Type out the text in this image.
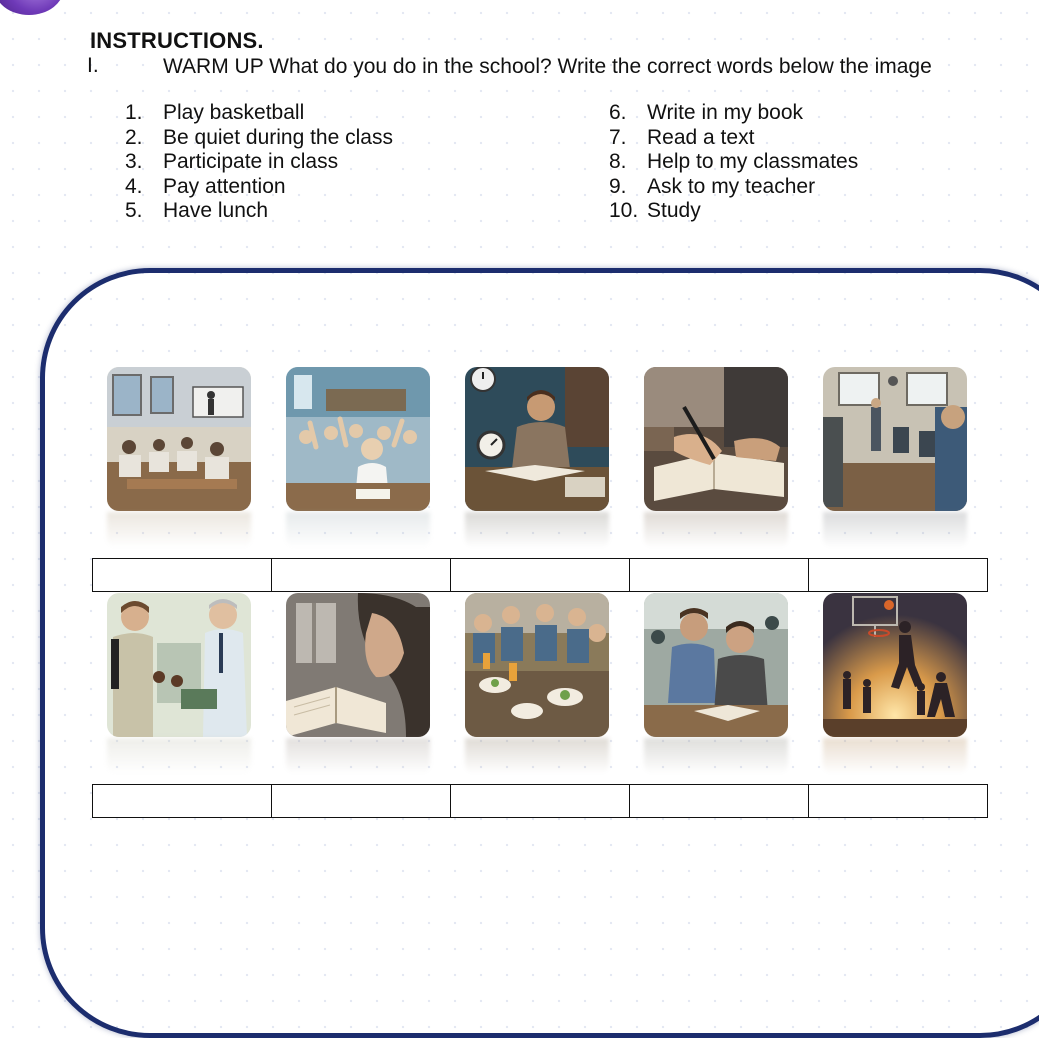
INSTRUCTIONS.
I.	WARM UP What do you do in the school? Write the correct words below the image
1. Play basketball
2. Be quiet during the class
3. Participate in class
4. Pay attention
5. Have lunch
6. Write in my book
7. Read a text
8. Help to my classmates
9. Ask to my teacher
10. Study
